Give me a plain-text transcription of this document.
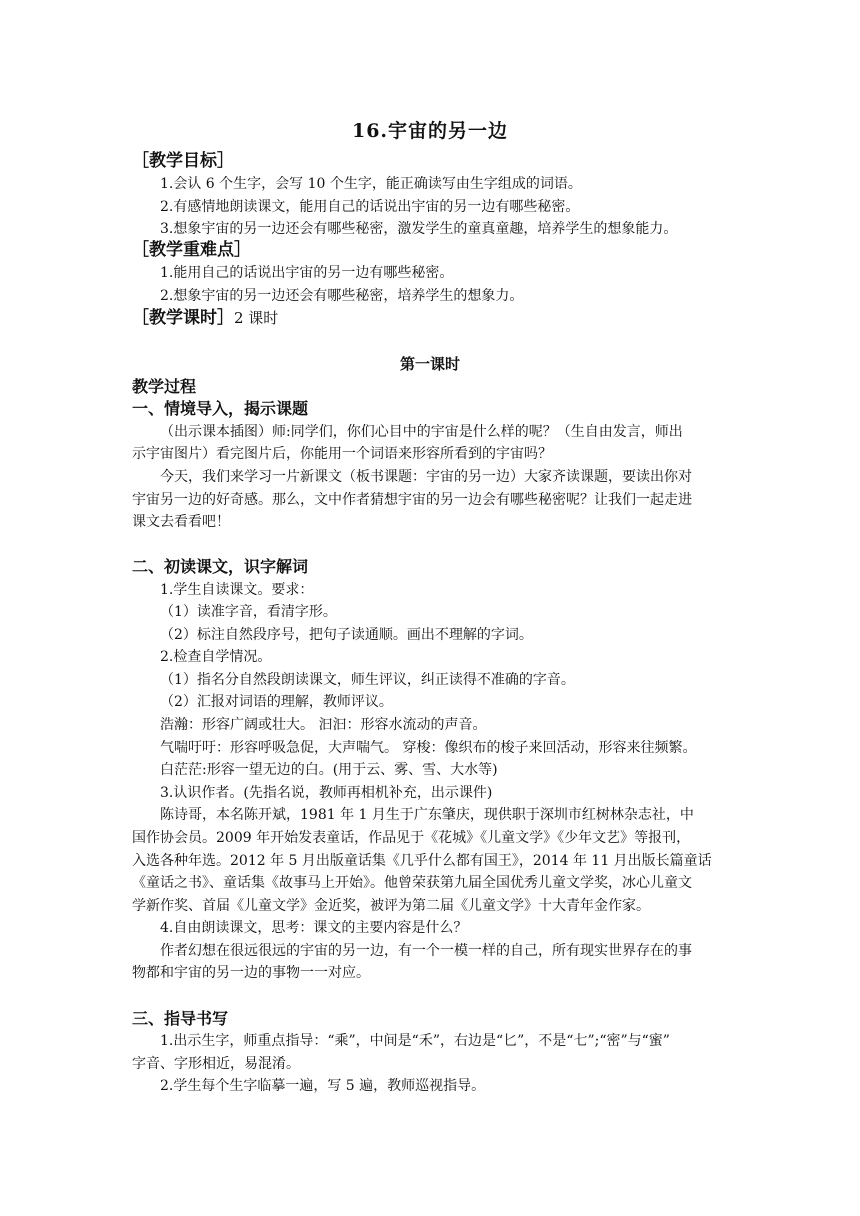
16.宇宙的另一边
［教学目标］
1.会认 6 个生字，会写 10 个生字，能正确读写由生字组成的词语。
2.有感情地朗读课文，能用自己的话说出宇宙的另一边有哪些秘密。
3.想象宇宙的另一边还会有哪些秘密，激发学生的童真童趣，培养学生的想象能力。
［教学重难点］
1.能用自己的话说出宇宙的另一边有哪些秘密。
2.想象宇宙的另一边还会有哪些秘密，培养学生的想象力。
［教学课时］2 课时
第一课时
教学过程
一、情境导入，揭示课题
（出示课本插图）师:同学们，你们心目中的宇宙是什么样的呢？（生自由发言，师出
示宇宙图片）看完图片后，你能用一个词语来形容所看到的宇宙吗？
今天，我们来学习一片新课文（板书课题：宇宙的另一边）大家齐读课题，要读出你对
宇宙另一边的好奇感。那么，文中作者猜想宇宙的另一边会有哪些秘密呢？让我们一起走进
课文去看看吧！
二、初读课文，识字解词
1.学生自读课文。要求：
（1）读准字音，看清字形。
（2）标注自然段序号，把句子读通顺。画出不理解的字词。
2.检查自学情况。
（1）指名分自然段朗读课文，师生评议，纠正读得不准确的字音。
（2）汇报对词语的理解，教师评议。
浩瀚：形容广阔或壮大。 汩汩：形容水流动的声音。
气喘吁吁：形容呼吸急促，大声喘气。 穿梭：像织布的梭子来回活动，形容来往频繁。
白茫茫:形容一望无边的白。(用于云、雾、雪、大水等)
3.认识作者。(先指名说，教师再相机补充，出示课件)
陈诗哥，本名陈开斌，1981 年 1 月生于广东肇庆，现供职于深圳市红树林杂志社，中
国作协会员。2009 年开始发表童话，作品见于《花城》《儿童文学》《少年文艺》等报刊，
入选各种年选。2012 年 5 月出版童话集《几乎什么都有国王》，2014 年 11 月出版长篇童话
《童话之书》、童话集《故事马上开始》。他曾荣获第九届全国优秀儿童文学奖，冰心儿童文
学新作奖、首届《儿童文学》金近奖，被评为第二届《儿童文学》十大青年金作家。
4.自由朗读课文，思考：课文的主要内容是什么？
作者幻想在很远很远的宇宙的另一边，有一个一模一样的自己，所有现实世界存在的事
物都和宇宙的另一边的事物一一对应。
三、指导书写
1.出示生字，师重点指导：“乘”，中间是“禾”，右边是“匕”，不是“七”;“密”与“蜜”
字音、字形相近，易混淆。
2.学生每个生字临摹一遍，写 5 遍，教师巡视指导。
